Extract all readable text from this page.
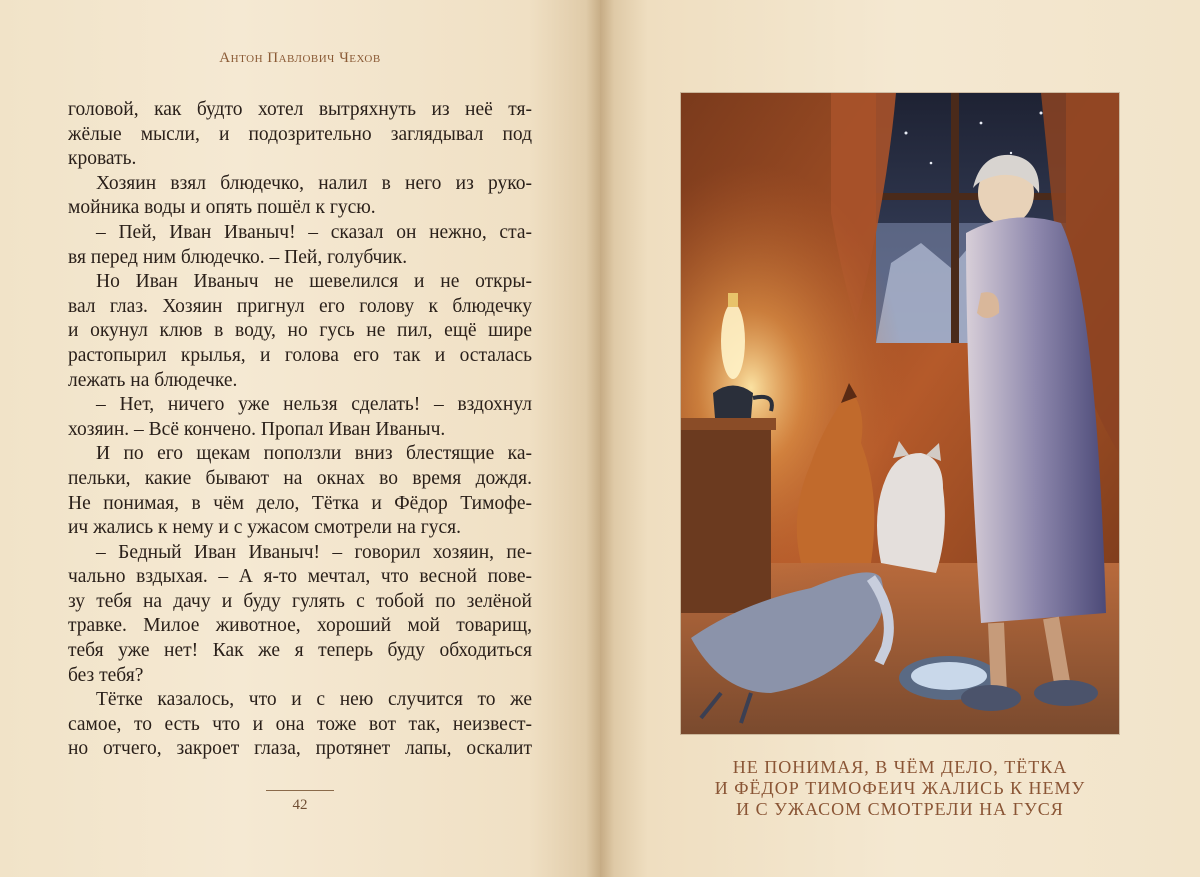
Антон Павлович Чехов
головой, как будто хотел вытряхнуть из неё тя-
жёлые мысли, и подозрительно заглядывал под
кровать.
Хозяин взял блюдечко, налил в него из руко-
мойника воды и опять пошёл к гусю.
– Пей, Иван Иваныч! – сказал он нежно, ста-
вя перед ним блюдечко. – Пей, голубчик.
Но Иван Иваныч не шевелился и не откры-
вал глаз. Хозяин пригнул его голову к блюдечку
и окунул клюв в воду, но гусь не пил, ещё шире
растопырил крылья, и голова его так и осталась
лежать на блюдечке.
– Нет, ничего уже нельзя сделать! – вздохнул
хозяин. – Всё кончено. Пропал Иван Иваныч.
И по его щекам поползли вниз блестящие ка-
пельки, какие бывают на окнах во время дождя.
Не понимая, в чём дело, Тётка и Фёдор Тимофе-
ич жались к нему и с ужасом смотрели на гуся.
– Бедный Иван Иваныч! – говорил хозяин, пе-
чально вздыхая. – А я-то мечтал, что весной пове-
зу тебя на дачу и буду гулять с тобой по зелёной
травке. Милое животное, хороший мой товарищ,
тебя уже нет! Как же я теперь буду обходиться
без тебя?
Тётке казалось, что и с нею случится то же
самое, то есть что и она тоже вот так, неизвест-
но отчего, закроет глаза, протянет лапы, оскалит
42
НЕ ПОНИМАЯ, В ЧЁМ ДЕЛО, ТЁТКА
И ФЁДОР ТИМОФЕИЧ ЖАЛИСЬ К НЕМУ
И С УЖАСОМ СМОТРЕЛИ НА ГУСЯ
